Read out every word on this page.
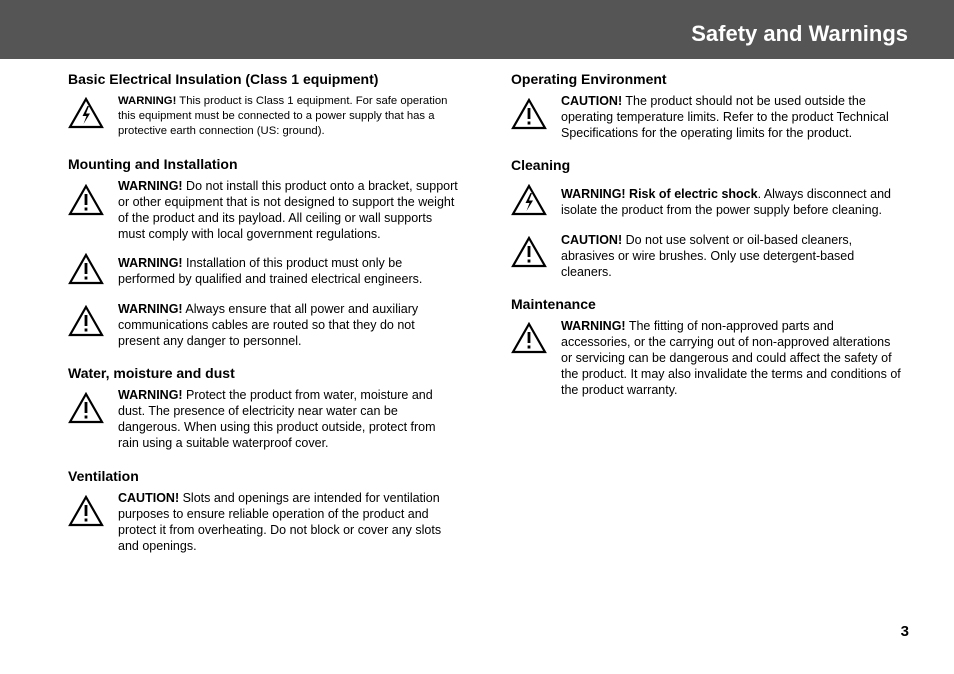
Safety and Warnings
Basic Electrical Insulation (Class 1 equipment)
WARNING! This product is Class 1 equipment. For safe operation this equipment must be connected to a power supply that has a protective earth connection (US: ground).
Mounting and Installation
WARNING! Do not install this product onto a bracket, support or other equipment that is not designed to support the weight of the product and its payload. All ceiling or wall supports must comply with local government regulations.
WARNING! Installation of this product must only be performed by qualified and trained electrical engineers.
WARNING! Always ensure that all power and auxiliary communications cables are routed so that they do not present any danger to personnel.
Water, moisture and dust
WARNING! Protect the product from water, moisture and dust. The presence of electricity near water can be dangerous. When using this product outside, protect from rain using a suitable waterproof cover.
Ventilation
CAUTION! Slots and openings are intended for ventilation purposes to ensure reliable operation of the product and protect it from overheating. Do not block or cover any slots and openings.
Operating Environment
CAUTION! The product should not be used outside the operating temperature limits. Refer to the product Technical Specifications for the operating limits for the product.
Cleaning
WARNING! Risk of electric shock. Always disconnect and isolate the product from the power supply before cleaning.
CAUTION! Do not use solvent or oil-based cleaners, abrasives or wire brushes. Only use detergent-based cleaners.
Maintenance
WARNING! The fitting of non-approved parts and accessories, or the carrying out of non-approved alterations or servicing can be dangerous and could affect the safety of the product. It may also invalidate the terms and conditions of the product warranty.
3
